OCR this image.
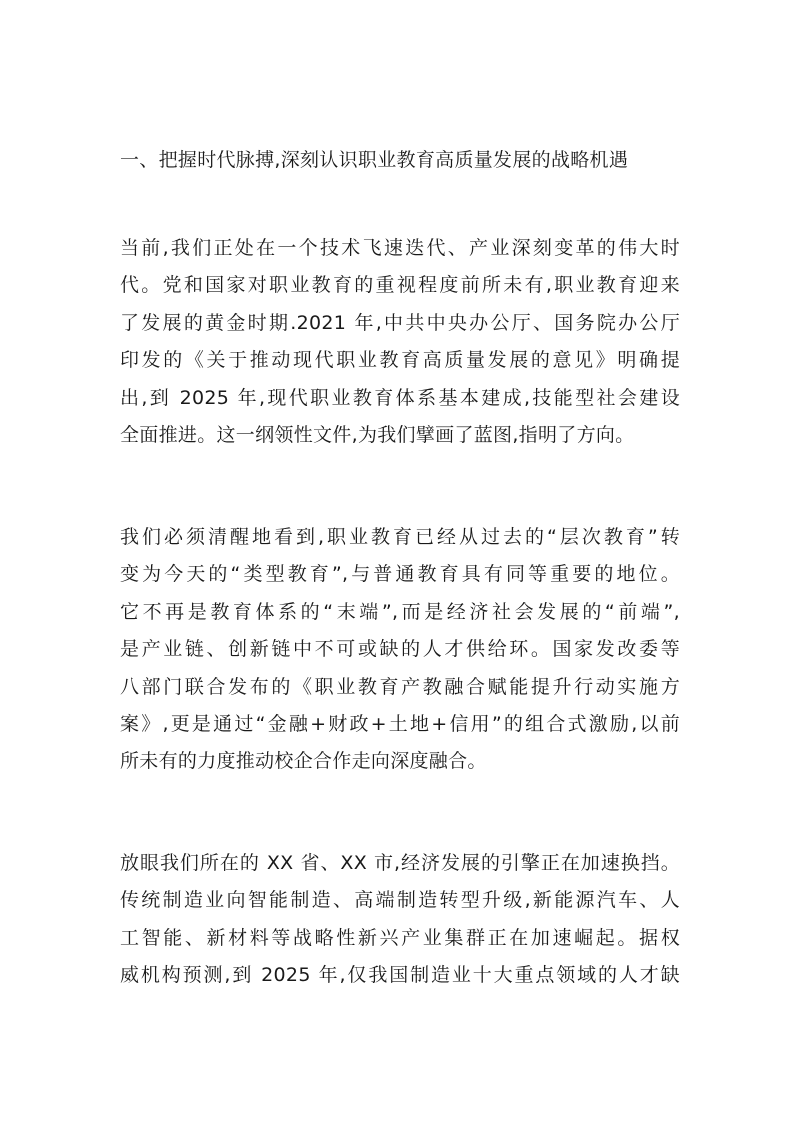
一、把握时代脉搏,深刻认识职业教育高质量发展的战略机遇
当前,我们正处在一个技术飞速迭代、产业深刻变革的伟大时
代。党和国家对职业教育的重视程度前所未有,职业教育迎来
了发展的黄金时期.2021 年,中共中央办公厅、国务院办公厅
印发的《关于推动现代职业教育高质量发展的意见》明确提
出,到 2025 年,现代职业教育体系基本建成,技能型社会建设
全面推进。这一纲领性文件,为我们擘画了蓝图,指明了方向。
我们必须清醒地看到,职业教育已经从过去的“层次教育”转
变为今天的“类型教育”,与普通教育具有同等重要的地位。
它不再是教育体系的“末端”,而是经济社会发展的“前端”,
是产业链、创新链中不可或缺的人才供给环。国家发改委等
八部门联合发布的《职业教育产教融合赋能提升行动实施方
案》,更是通过“金融+财政+土地+信用”的组合式激励,以前
所未有的力度推动校企合作走向深度融合。
放眼我们所在的 XX 省、XX 市,经济发展的引擎正在加速换挡。
传统制造业向智能制造、高端制造转型升级,新能源汽车、人
工智能、新材料等战略性新兴产业集群正在加速崛起。据权
威机构预测,到 2025 年,仅我国制造业十大重点领域的人才缺
